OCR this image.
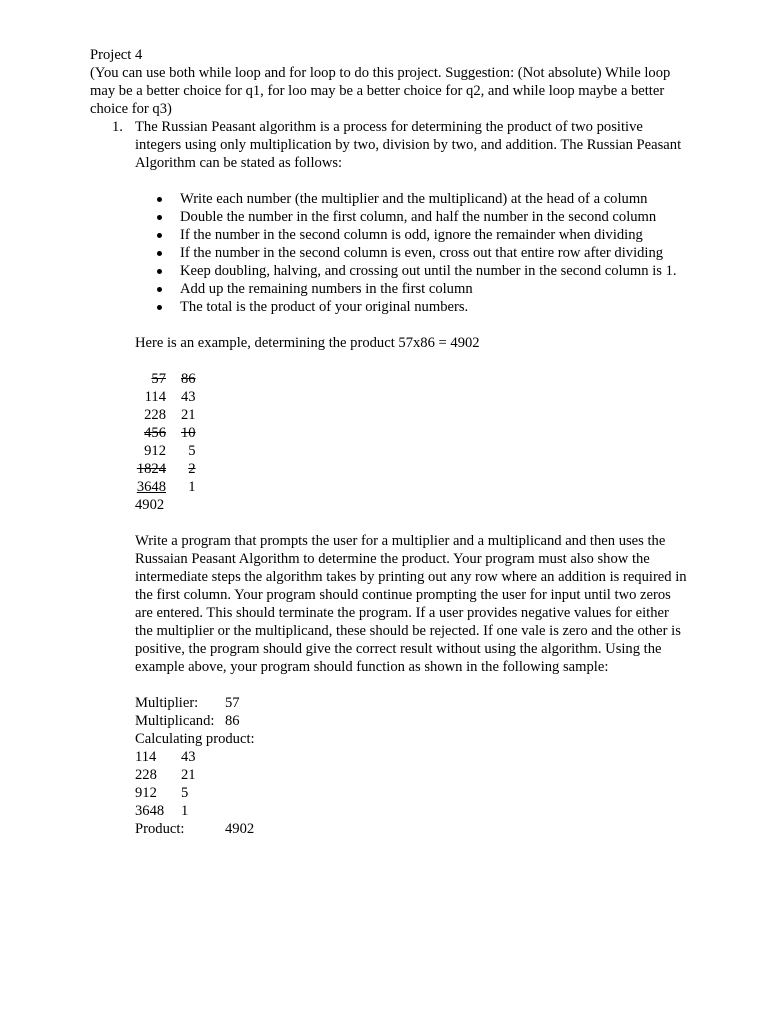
Project 4

(You can use both while loop and for loop to do this project. Suggestion: (Not absolute) While loop may be a better choice for q1, for loo may be a better choice for q2, and while loop maybe a better choice for q3)

1. The Russian Peasant algorithm is a process for determining the product of two positive integers using only multiplication by two, division by two, and addition. The Russian Peasant Algorithm can be stated as follows:

Write each number (the multiplier and the multiplicand) at the head of a column
Double the number in the first column, and half the number in the second column
If the number in the second column is odd, ignore the remainder when dividing
If the number in the second column is even, cross out that entire row after dividing
Keep doubling, halving, and crossing out until the number in the second column is 1.
Add up the remaining numbers in the first column
The total is the product of your original numbers.

Here is an example, determining the product 57x86 = 4902

57	86
114	43
228	21
456	10
912	5
1824	2
3648	1
4902	

Write a program that prompts the user for a multiplier and a multiplicand and then uses the Russaian Peasant Algorithm to determine the product. Your program must also show the intermediate steps the algorithm takes by printing out any row where an addition is required in the first column. Your program should continue prompting the user for input until two zeros are entered. This should terminate the program. If a user provides negative values for either the multiplier or the multiplicand, these should be rejected. If one vale is zero and the other is positive, the program should give the correct result without using the algorithm. Using the example above, your program should function as shown in the following sample:

Multiplier:	57
Multiplicand:	86
Calculating product:	
114	43
228	21
912	5
3648	1
Product:	4902
